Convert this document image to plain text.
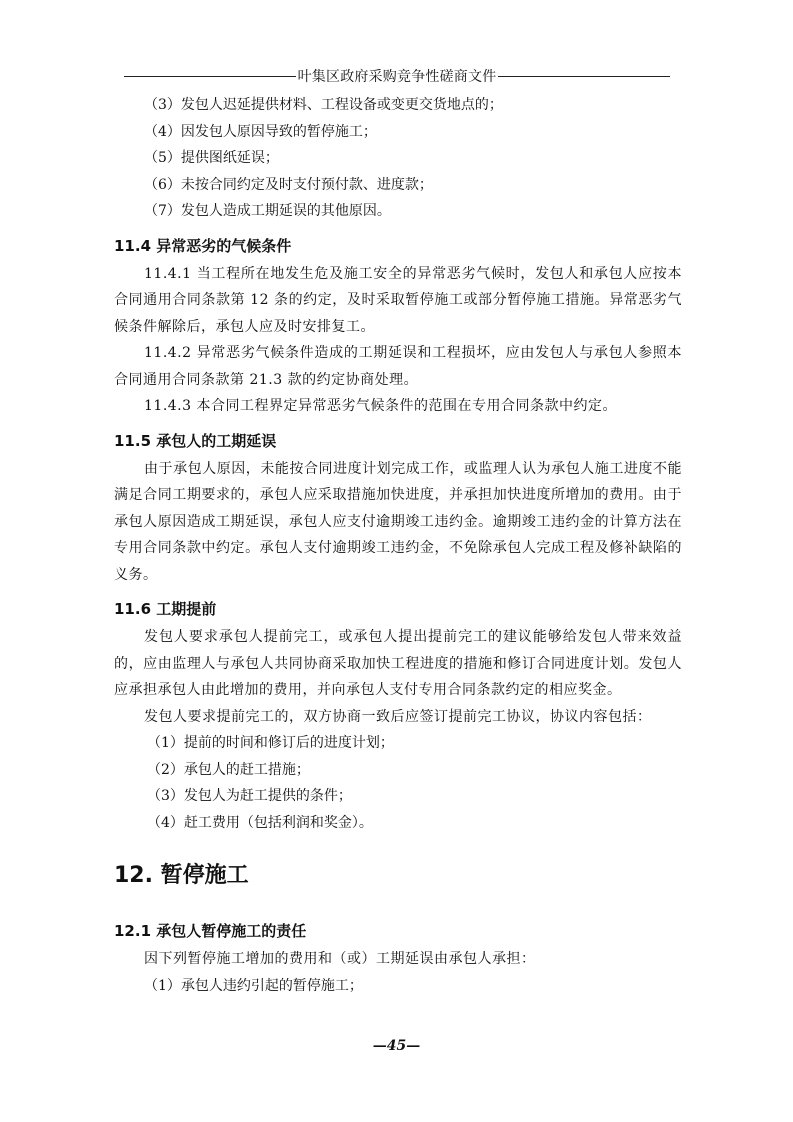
叶集区政府采购竞争性磋商文件
（3）发包人迟延提供材料、工程设备或变更交货地点的；
（4）因发包人原因导致的暂停施工；
（5）提供图纸延误；
（6）未按合同约定及时支付预付款、进度款；
（7）发包人造成工期延误的其他原因。
11.4 异常恶劣的气候条件
11.4.1 当工程所在地发生危及施工安全的异常恶劣气候时，发包人和承包人应按本合同通用合同条款第 12 条的约定，及时采取暂停施工或部分暂停施工措施。异常恶劣气候条件解除后，承包人应及时安排复工。
11.4.2 异常恶劣气候条件造成的工期延误和工程损坏，应由发包人与承包人参照本合同通用合同条款第 21.3 款的约定协商处理。
11.4.3 本合同工程界定异常恶劣气候条件的范围在专用合同条款中约定。
11.5 承包人的工期延误
由于承包人原因，未能按合同进度计划完成工作，或监理人认为承包人施工进度不能满足合同工期要求的，承包人应采取措施加快进度，并承担加快进度所增加的费用。由于承包人原因造成工期延误，承包人应支付逾期竣工违约金。逾期竣工违约金的计算方法在专用合同条款中约定。承包人支付逾期竣工违约金，不免除承包人完成工程及修补缺陷的义务。
11.6 工期提前
发包人要求承包人提前完工，或承包人提出提前完工的建议能够给发包人带来效益的，应由监理人与承包人共同协商采取加快工程进度的措施和修订合同进度计划。发包人应承担承包人由此增加的费用，并向承包人支付专用合同条款约定的相应奖金。
发包人要求提前完工的，双方协商一致后应签订提前完工协议，协议内容包括：
（1）提前的时间和修订后的进度计划；
（2）承包人的赶工措施；
（3）发包人为赶工提供的条件；
（4）赶工费用（包括利润和奖金）。
12. 暂停施工
12.1 承包人暂停施工的责任
因下列暂停施工增加的费用和（或）工期延误由承包人承担：
（1）承包人违约引起的暂停施工；
—45—
